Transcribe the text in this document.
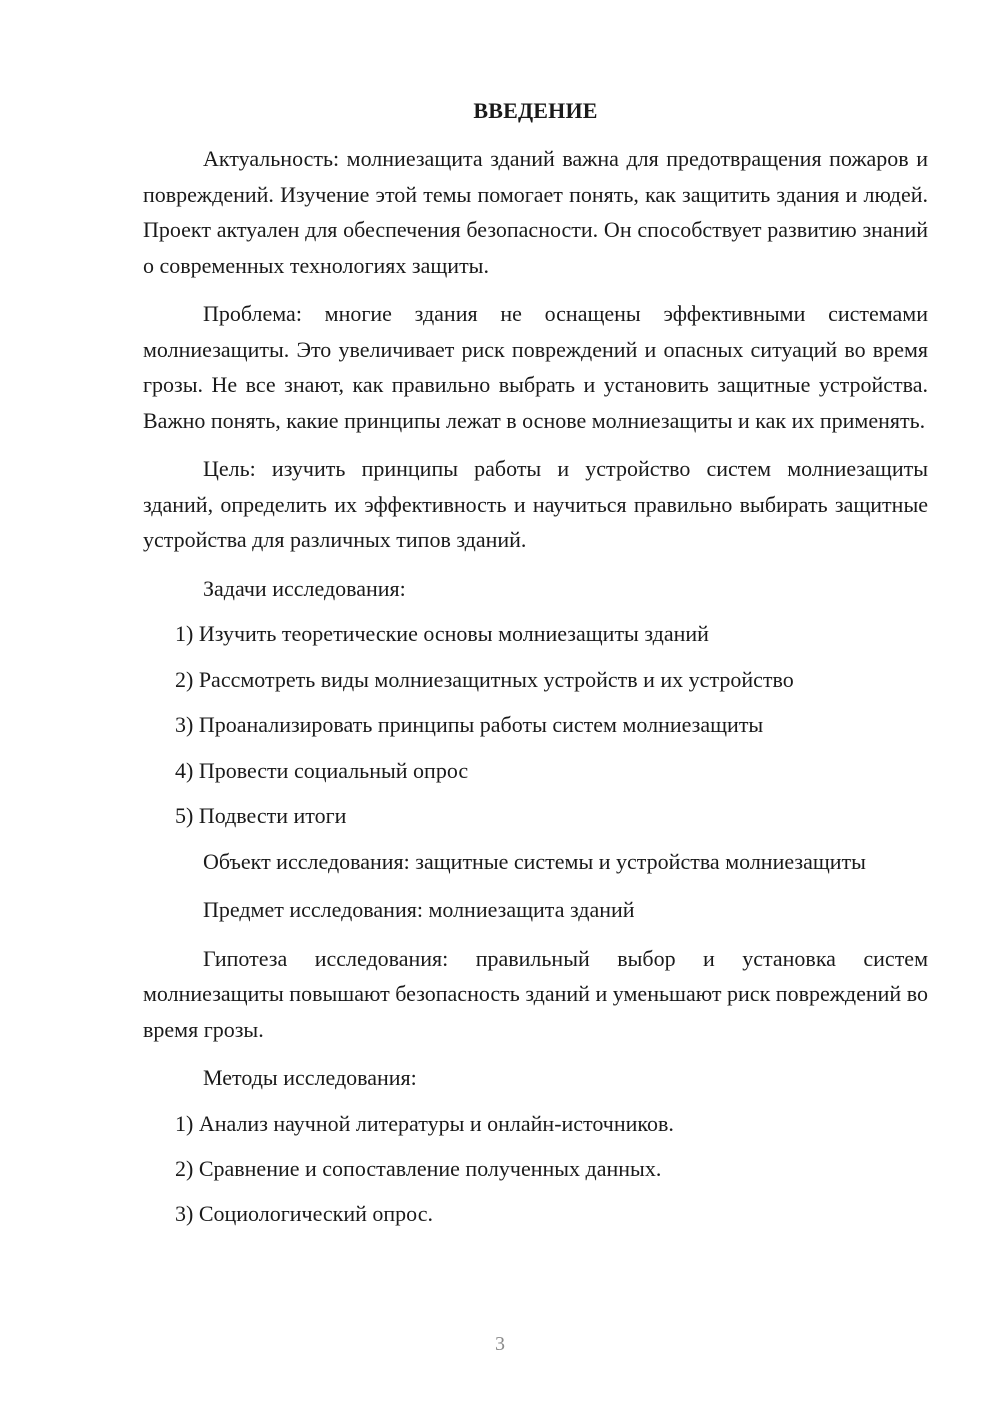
ВВЕДЕНИЕ

Актуальность: молниезащита зданий важна для предотвращения пожаров и повреждений. Изучение этой темы помогает понять, как защитить здания и людей. Проект актуален для обеспечения безопасности. Он способствует развитию знаний о современных технологиях защиты.

Проблема: многие здания не оснащены эффективными системами молниезащиты. Это увеличивает риск повреждений и опасных ситуаций во время грозы. Не все знают, как правильно выбрать и установить защитные устройства. Важно понять, какие принципы лежат в основе молниезащиты и как их применять.

Цель: изучить принципы работы и устройство систем молниезащиты зданий, определить их эффективность и научиться правильно выбирать защитные устройства для различных типов зданий.

Задачи исследования:
1) Изучить теоретические основы молниезащиты зданий
2) Рассмотреть виды молниезащитных устройств и их устройство
3) Проанализировать принципы работы систем молниезащиты
4) Провести социальный опрос
5) Подвести итоги

Объект исследования: защитные системы и устройства молниезащиты

Предмет исследования: молниезащита зданий

Гипотеза исследования: правильный выбор и установка систем молниезащиты повышают безопасность зданий и уменьшают риск повреждений во время грозы.

Методы исследования:
1) Анализ научной литературы и онлайн-источников.
2) Сравнение и сопоставление полученных данных.
3) Социологический опрос.
3
